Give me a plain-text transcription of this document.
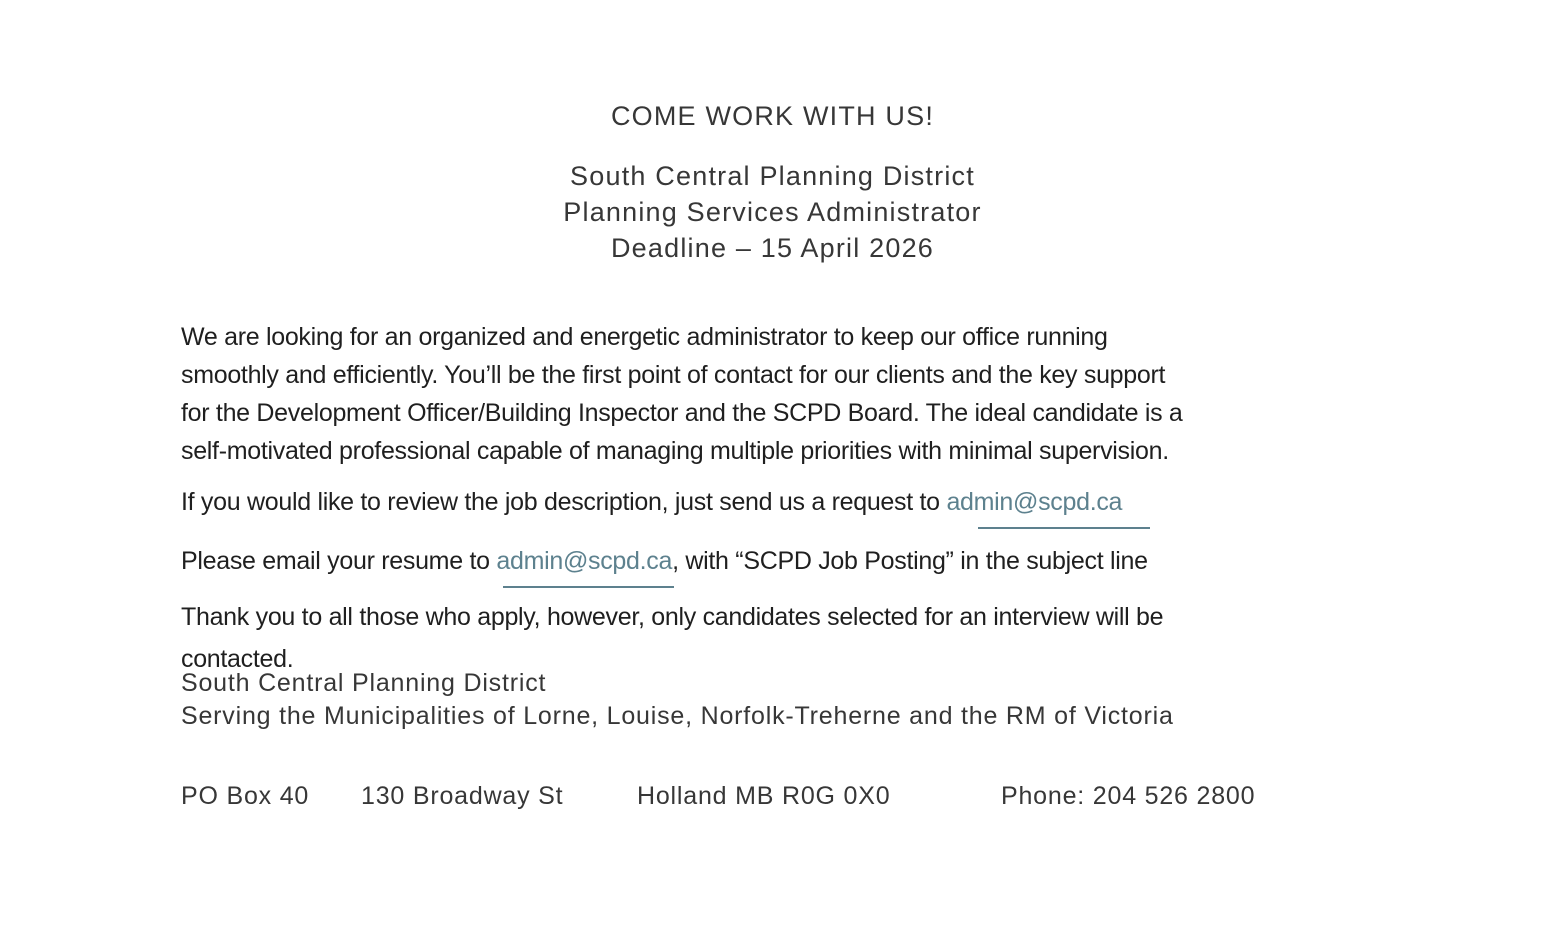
COME WORK WITH US!
South Central Planning District
Planning Services Administrator
Deadline – 15 April 2026
We are looking for an organized and energetic administrator to keep our office running
smoothly and efficiently. You’ll be the first point of contact for our clients and the key support
for the Development Officer/Building Inspector and the SCPD Board. The ideal candidate is a
self-motivated professional capable of managing multiple priorities with minimal supervision.
If you would like to review the job description, just send us a request to admin@scpd.ca
Please email your resume to admin@scpd.ca, with “SCPD Job Posting” in the subject line
Thank you to all those who apply, however, only candidates selected for an interview will be
contacted.
South Central Planning District
Serving the Municipalities of Lorne, Louise, Norfolk-Treherne and the RM of Victoria
PO Box 40 130 Broadway St	Holland MB R0G 0X0	Phone: 204 526 2800
